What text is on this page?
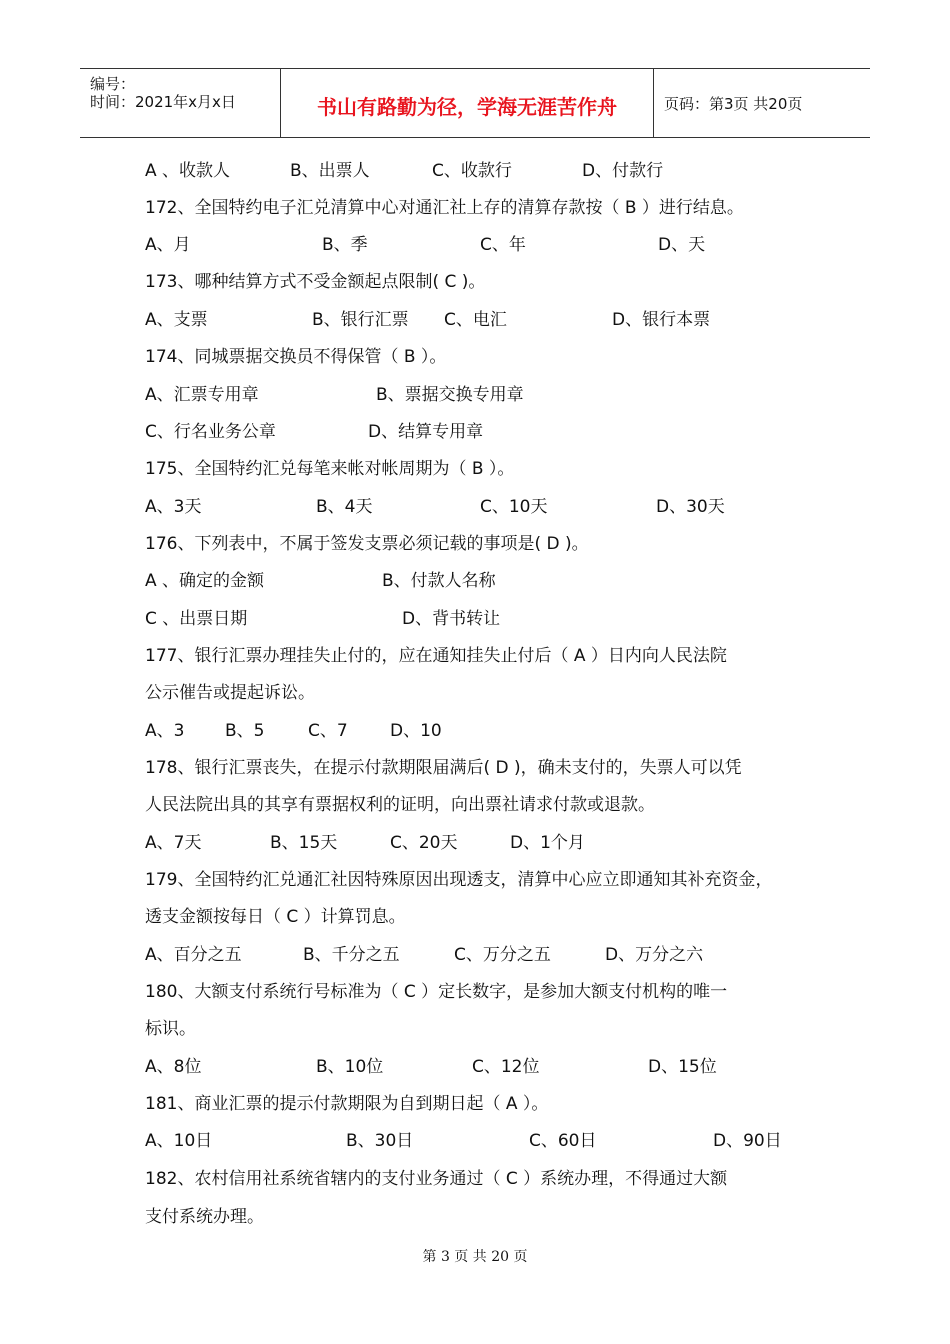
编号：
时间：2021年x月x日	书山有路勤为径，学海无涯苦作舟	页码：第3页 共20页
A 、收款人	B、出票人	C、收款行	D、付款行
172、全国特约电子汇兑清算中心对通汇社上存的清算存款按（ B ）进行结息。
A、月	B、季	C、年	D、天
173、哪种结算方式不受金额起点限制( C )。
A、支票	B、银行汇票 C、电汇	D、银行本票
174、同城票据交换员不得保管（ B ）。
A、汇票专用章	B、票据交换专用章
C、行名业务公章	D、结算专用章
175、全国特约汇兑每笔来帐对帐周期为（ B ）。
A、3天	B、4天	C、10天	D、30天
176、下列表中，不属于签发支票必须记载的事项是( D )。
A 、确定的金额	B、付款人名称
C 、出票日期	D、背书转让
177、银行汇票办理挂失止付的，应在通知挂失止付后（ A ）日内向人民法院
公示催告或提起诉讼。
A、3 B、5	C、7 D、10
178、银行汇票丧失，在提示付款期限届满后( D )，确未支付的，失票人可以凭
人民法院出具的其享有票据权利的证明，向出票社请求付款或退款。
A、7天	B、15天	C、20天	D、1个月
179、全国特约汇兑通汇社因特殊原因出现透支，清算中心应立即通知其补充资金，
透支金额按每日（ C ）计算罚息。
A、百分之五	B、千分之五	C、万分之五	D、万分之六
180、大额支付系统行号标准为（ C ）定长数字，是参加大额支付机构的唯一
标识。
A、8位	B、10位	C、12位	D、15位
181、商业汇票的提示付款期限为自到期日起（ A ）。
A、10日	B、30日	C、60日	D、90日
182、农村信用社系统省辖内的支付业务通过（ C ）系统办理，不得通过大额
支付系统办理。
第 3 页 共 20 页
